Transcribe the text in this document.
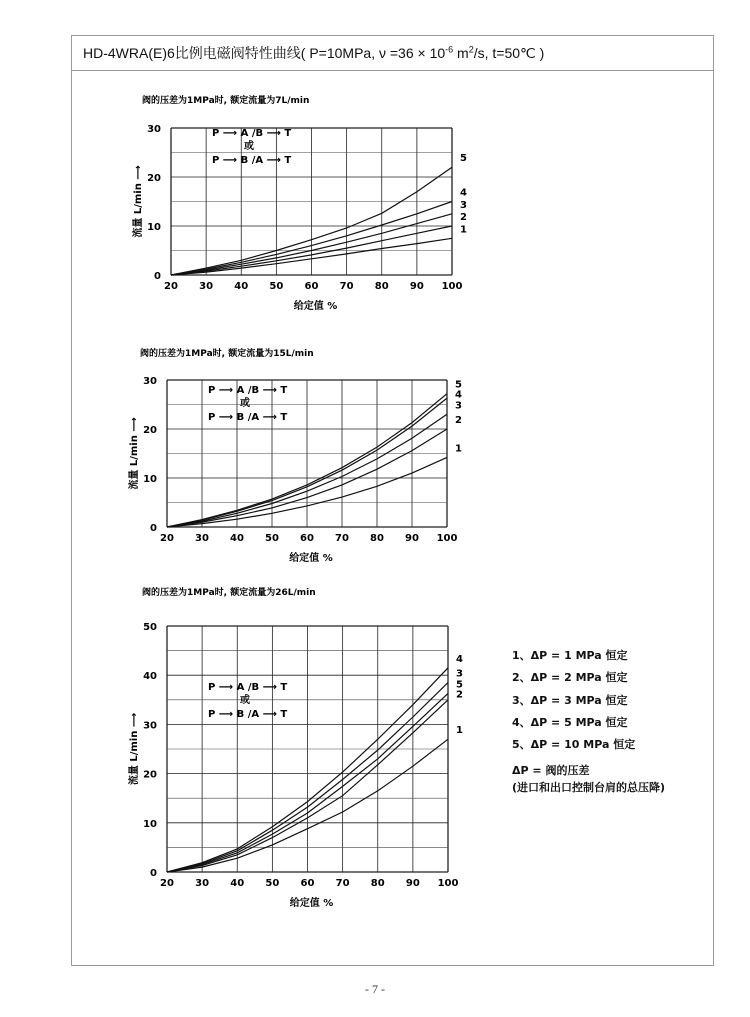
HD-4WRA(E)6比例电磁阀特性曲线( P=10MPa, $\nu =36 \times 10^{-6}$ $m^2/s$, t=50℃ )
阀的压差为1MPa时, 额定流量为7L/min
20 30 40 50 60 70 80 90 100
0
10
20
30
给定值 %
流量 L/min ⟶
5
4
3
2
1
P ⟶ A /B ⟶ T
或
P ⟶ B /A ⟶ T
阀的压差为1MPa时, 额定流量为15L/min
20 30 40 50 60 70 80 90 100
0
10
20
30
给定值 %
流量 L/min ⟶
5
4
3
2
1
P ⟶ A /B ⟶ T
或
P ⟶ B /A ⟶ T
阀的压差为1MPa时, 额定流量为26L/min
20 30 40 50 60 70 80 90 100
0
10
20
30
40
50
给定值 %
流量 L/min ⟶
4
3
5
2
1
P ⟶ A /B ⟶ T
或
P ⟶ B /A ⟶ T
1、ΔP = 1 MPa 恒定
2、ΔP = 2 MPa 恒定
3、ΔP = 3 MPa 恒定
4、ΔP = 5 MPa 恒定
5、ΔP = 10 MPa 恒定
ΔP = 阀的压差
(进口和出口控制台肩的总压降)
- 7 -
